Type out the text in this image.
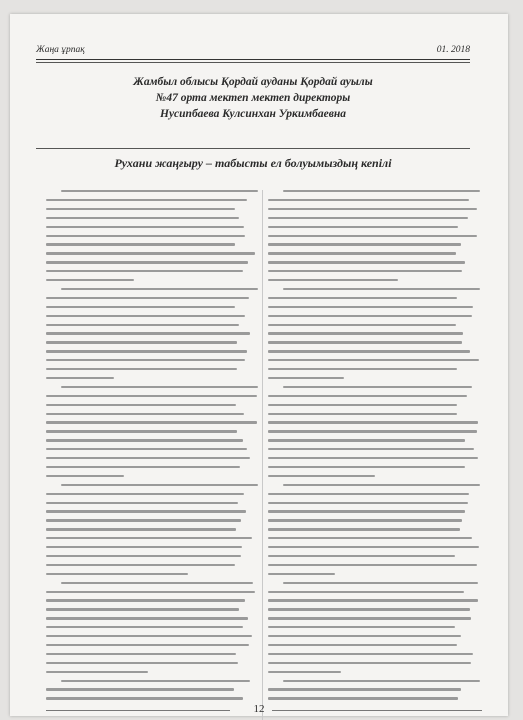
Жаңа ұрпақ	01. 2018
Жамбыл облысы Қордай ауданы Қордай ауылы
№47 орта мектеп мектеп директоры
Нусипбаева Кулсинхан Уркимбаевна
Рухани жаңғыру – табысты ел болуымыздың кепілі
12
